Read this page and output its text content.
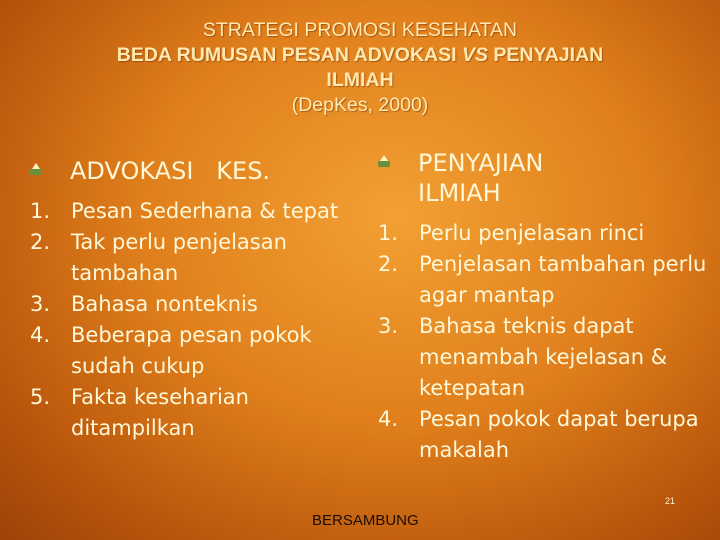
STRATEGI PROMOSI KESEHATAN
BEDA RUMUSAN PESAN ADVOKASI VS PENYAJIAN
ILMIAH
(DepKes, 2000)
ADVOKASI   KES.
1. Pesan Sederhana & tepat
2. Tak perlu penjelasan tambahan
3. Bahasa nonteknis
4. Beberapa pesan pokok sudah cukup
5. Fakta keseharian ditampilkan
PENYAJIAN
ILMIAH
1. Perlu penjelasan rinci
2. Penjelasan tambahan perlu agar mantap
3. Bahasa teknis dapat menambah kejelasan & ketepatan
4. Pesan pokok dapat berupa makalah
21
BERSAMBUNG
